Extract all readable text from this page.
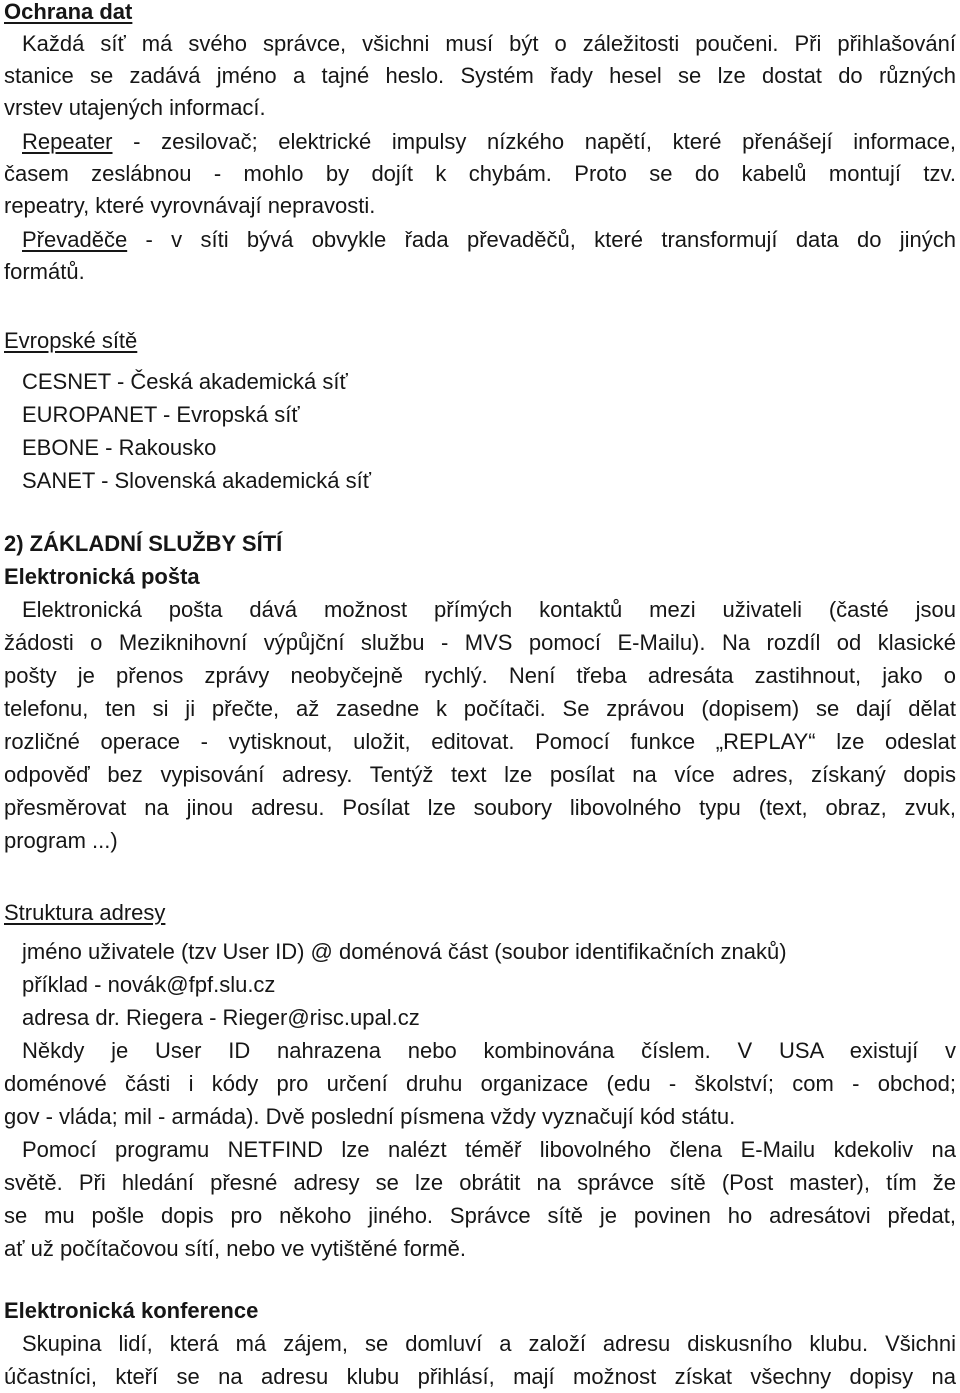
Ochrana dat
Každá síť má svého správce, všichni musí být o záležitosti poučeni. Při přihlašování
stanice se zadává jméno a tajné heslo. Systém řady hesel se lze dostat do různých
vrstev utajených informací.
Repeater - zesilovač; elektrické impulsy nízkého napětí, které přenášejí informace,
časem zeslábnou - mohlo by dojít k chybám. Proto se do kabelů montují tzv.
repeatry, které vyrovnávají nepravosti.
Převaděče - v síti bývá obvykle řada převaděčů, které transformují data do jiných
formátů.
Evropské sítě
CESNET - Česká akademická síť
EUROPANET - Evropská síť
EBONE - Rakousko
SANET - Slovenská akademická síť
2) ZÁKLADNÍ SLUŽBY SÍTÍ
Elektronická pošta
Elektronická pošta dává možnost přímých kontaktů mezi uživateli (časté jsou
žádosti o Meziknihovní výpůjční službu - MVS pomocí E-Mailu). Na rozdíl od klasické
pošty je přenos zprávy neobyčejně rychlý. Není třeba adresáta zastihnout, jako o
telefonu, ten si ji přečte, až zasedne k počítači. Se zprávou (dopisem) se dají dělat
rozličné operace - vytisknout, uložit, editovat. Pomocí funkce „REPLAY“ lze odeslat
odpověď bez vypisování adresy. Tentýž text lze posílat na více adres, získaný dopis
přesměrovat na jinou adresu. Posílat lze soubory libovolného typu (text, obraz, zvuk,
program ...)
Struktura adresy
jméno uživatele (tzv User ID) @ doménová část (soubor identifikačních znaků)
příklad - novák@fpf.slu.cz
adresa dr. Riegera - Rieger@risc.upal.cz
Někdy je User ID nahrazena nebo kombinována číslem. V USA existují v
doménové části i kódy pro určení druhu organizace (edu - školství; com - obchod;
gov - vláda; mil - armáda). Dvě poslední písmena vždy vyznačují kód státu.
Pomocí programu NETFIND lze nalézt téměř libovolného člena E-Mailu kdekoliv na
světě. Při hledání přesné adresy se lze obrátit na správce sítě (Post master), tím že
se mu pošle dopis pro někoho jiného. Správce sítě je povinen ho adresátovi předat,
ať už počítačovou sítí, nebo ve vytištěné formě.
Elektronická konference
Skupina lidí, která má zájem, se domluví a založí adresu diskusního klubu. Všichni
účastníci, kteří se na adresu klubu přihlásí, mají možnost získat všechny dopisy na
